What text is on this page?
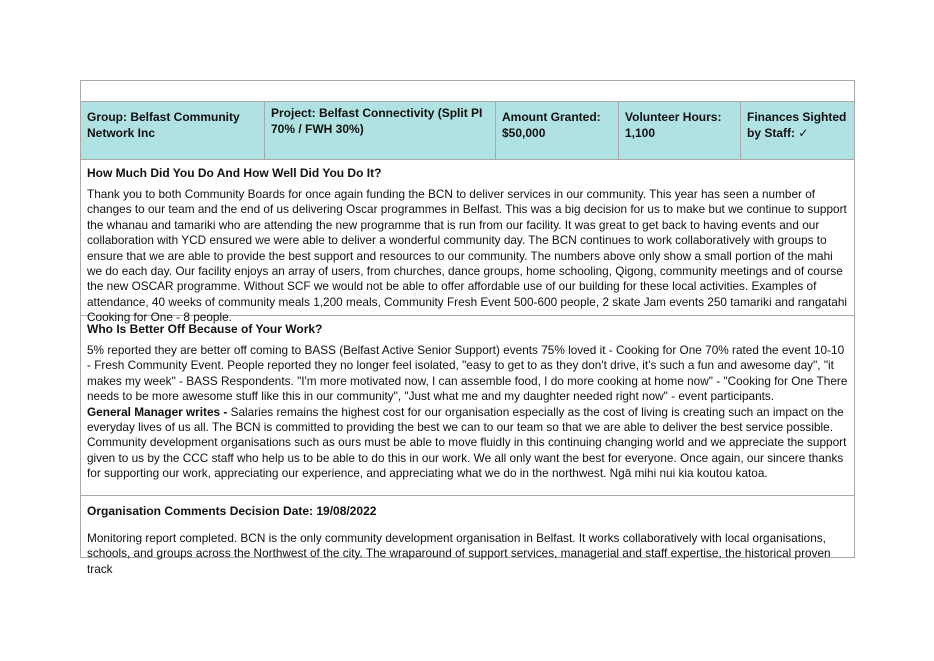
Group: Belfast Community Network Inc
Project: Belfast Connectivity (Split PI 70% / FWH 30%)
Amount Granted: $50,000
Volunteer Hours: 1,100
Finances Sighted by Staff: ✓
How Much Did You Do And How Well Did You Do It?

Thank you to both Community Boards for once again funding the BCN to deliver services in our community. This year has seen a number of changes to our team and the end of us delivering Oscar programmes in Belfast. This was a big decision for us to make but we continue to support the whanau and tamariki who are attending the new programme that is run from our facility. It was great to get back to having events and our collaboration with YCD ensured we were able to deliver a wonderful community day. The BCN continues to work collaboratively with groups to ensure that we are able to provide the best support and resources to our community. The numbers above only show a small portion of the mahi we do each day. Our facility enjoys an array of users, from churches, dance groups, home schooling, Qigong, community meetings and of course the new OSCAR programme. Without SCF we would not be able to offer affordable use of our building for these local activities. Examples of attendance, 40 weeks of community meals 1,200 meals, Community Fresh Event 500-600 people, 2 skate Jam events 250 tamariki and rangatahi Cooking for One - 8 people.

Who Is Better Off Because of Your Work?

5% reported they are better off coming to BASS (Belfast Active Senior Support) events 75% loved it - Cooking for One 70% rated the event 10-10 - Fresh Community Event. People reported they no longer feel isolated, "easy to get to as they don't drive, it's such a fun and awesome day", "it makes my week" - BASS Respondents. "I'm more motivated now, I can assemble food, I do more cooking at home now" - "Cooking for One There needs to be more awesome stuff like this in our community", "Just what me and my daughter needed right now" - event participants.

General Manager writes - Salaries remains the highest cost for our organisation especially as the cost of living is creating such an impact on the everyday lives of us all. The BCN is committed to providing the best we can to our team so that we are able to deliver the best service possible. Community development organisations such as ours must be able to move fluidly in this continuing changing world and we appreciate the support given to us by the CCC staff who help us to be able to do this in our work. We all only want the best for everyone. Once again, our sincere thanks for supporting our work, appreciating our experience, and appreciating what we do in the northwest. Ngā mihi nui kia koutou katoa.

Organisation Comments Decision Date: 19/08/2022

Monitoring report completed. BCN is the only community development organisation in Belfast. It works collaboratively with local organisations, schools, and groups across the Northwest of the city. The wraparound of support services, managerial and staff expertise, the historical proven track
